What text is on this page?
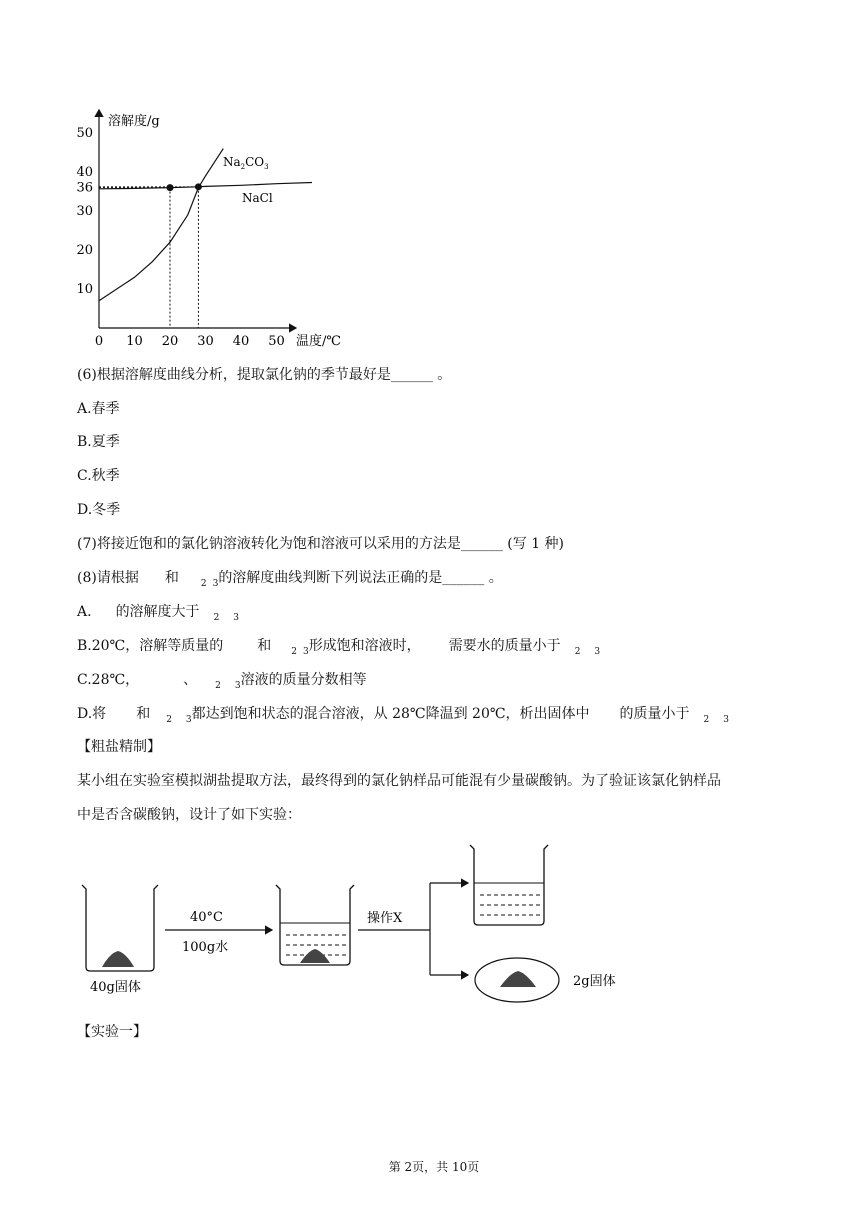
溶解度/g
温度/℃
10
20
30
36
40
50
0 10 20 30 40 50
$Na_2CO_3$
NaCl
(6)根据溶解度曲线分析，提取氯化钠的季节最好是______ 。
A.春季
B.夏季
C.秋季
D.冬季
(7)将接近饱和的氯化钠溶液转化为饱和溶液可以采用的方法是______ (写 1 种)
(8)请根据 和 $_2$ $_3$的溶解度曲线判断下列说法正确的是______ 。
A. 的溶解度大于 $_2$ $_3$
B.20℃，溶解等质量的 和 $_2$ $_3$形成饱和溶液时， 需要水的质量小于 $_2$ $_3$
C.28℃，	、 $_2$ $_3$溶液的质量分数相等
D.将 和 $_2$ $_3$都达到饱和状态的混合溶液，从 28℃降温到 20℃，析出固体中 的质量小于 $_2$ $_3$
【粗盐精制】
某小组在实验室模拟湖盐提取方法，最终得到的氯化钠样品可能混有少量碳酸钠。为了验证该氯化钠样品
中是否含碳酸钠，设计了如下实验：
40g固体
40°C
100g水
操作X
2g固体
【实验一】
第 2页，共 10页
